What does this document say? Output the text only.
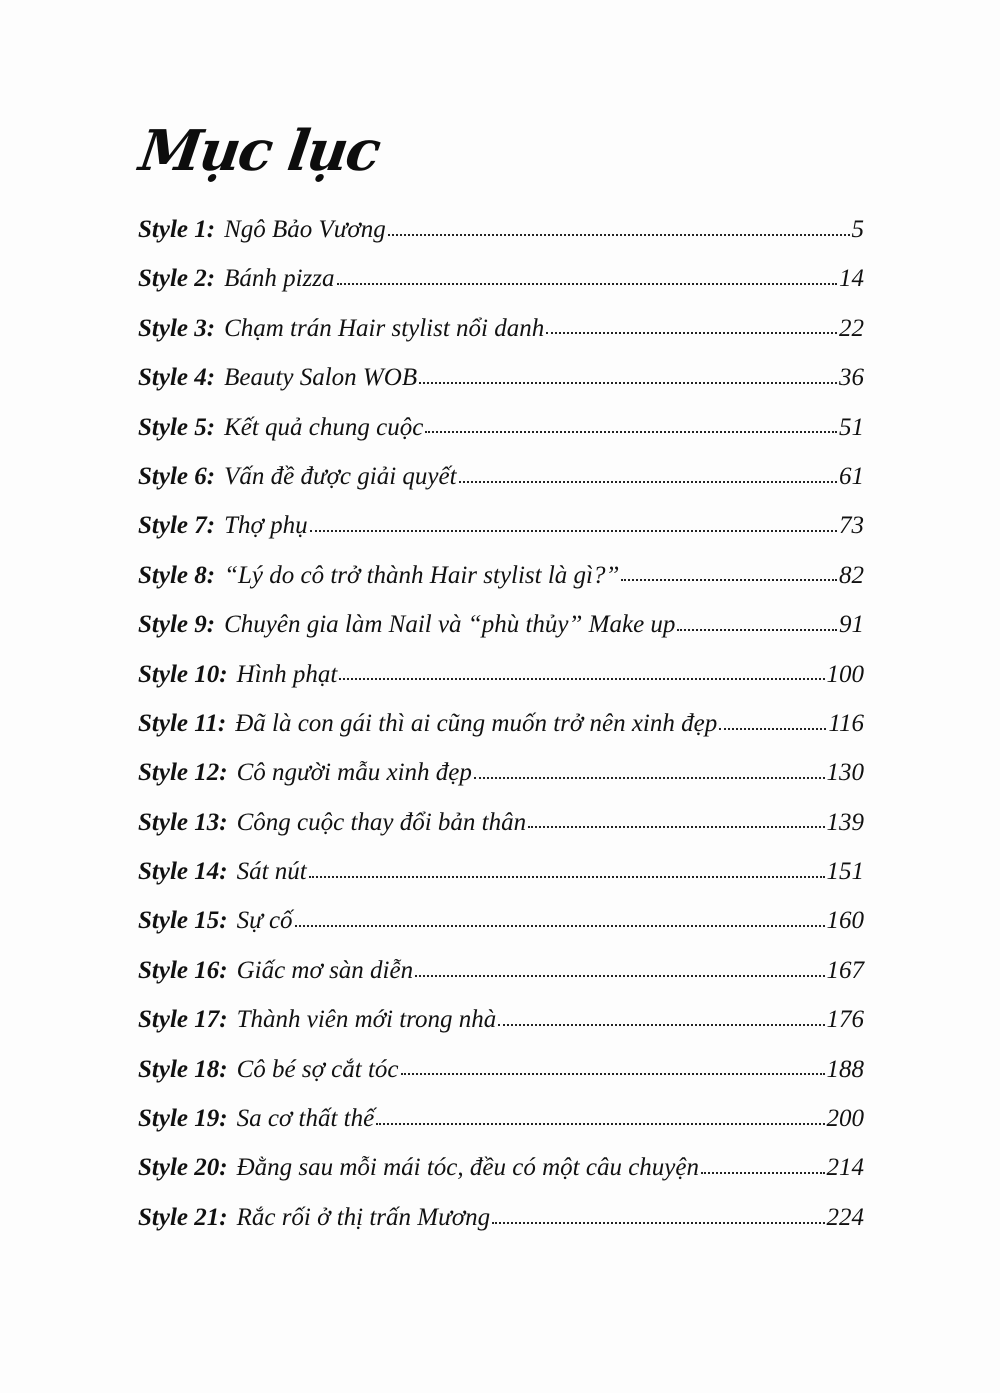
Mục lục
Style 1: Ngô Bảo Vương	5
Style 2: Bánh pizza	14
Style 3: Chạm trán Hair stylist nổi danh	22
Style 4: Beauty Salon WOB	36
Style 5: Kết quả chung cuộc	51
Style 6: Vấn đề được giải quyết	61
Style 7: Thợ phụ	73
Style 8: “Lý do cô trở thành Hair stylist là gì?”	82
Style 9: Chuyên gia làm Nail và “phù thủy” Make up	91
Style 10: Hình phạt	100
Style 11: Đã là con gái thì ai cũng muốn trở nên xinh đẹp	116
Style 12: Cô người mẫu xinh đẹp	130
Style 13: Công cuộc thay đổi bản thân	139
Style 14: Sát nút	151
Style 15: Sự cố	160
Style 16: Giấc mơ sàn diễn	167
Style 17: Thành viên mới trong nhà	176
Style 18: Cô bé sợ cắt tóc	188
Style 19: Sa cơ thất thế	200
Style 20: Đằng sau mỗi mái tóc, đều có một câu chuyện	214
Style 21: Rắc rối ở thị trấn Mương	224
